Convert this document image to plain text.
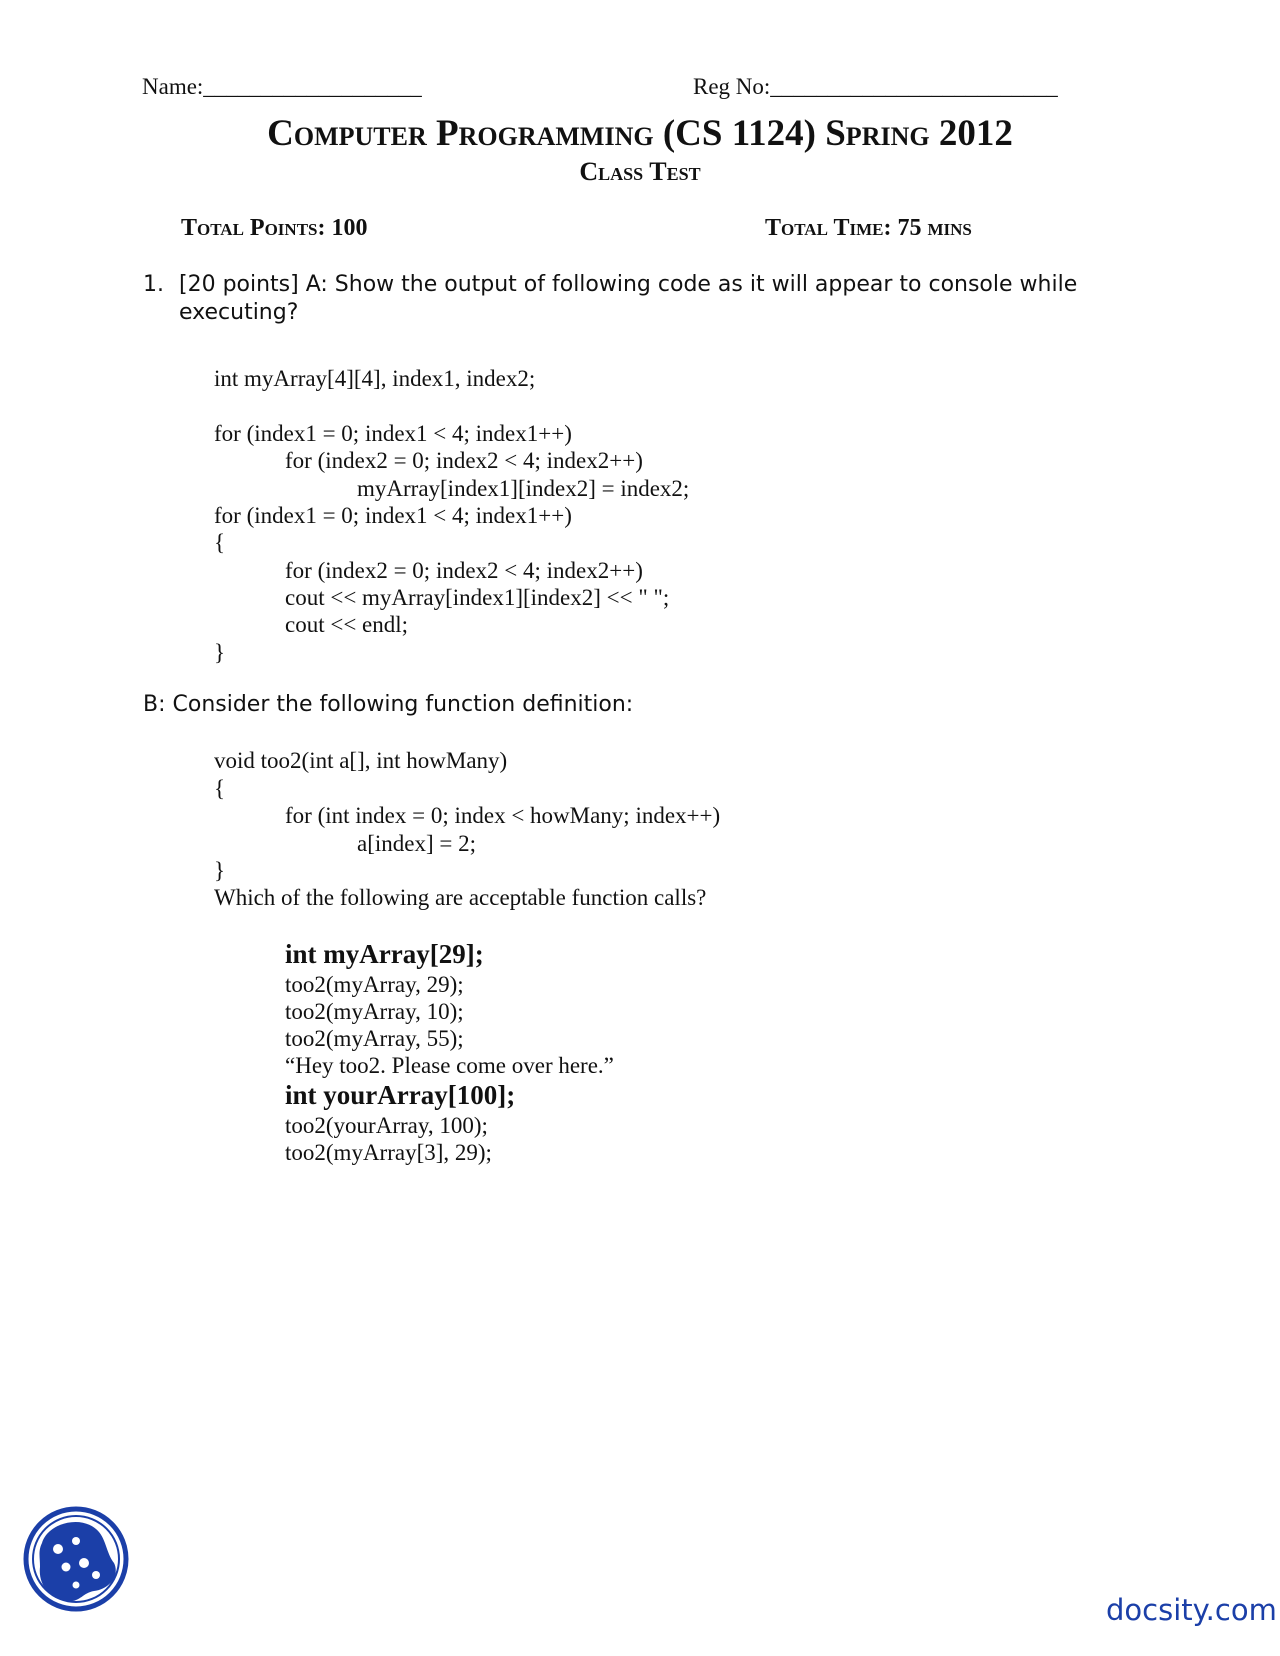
Name:___________________	Reg No:_________________________
Computer Programming (CS 1124) Spring 2012
Class Test
Total Points: 100	Total Time: 75 mins
1. [20 points] A: Show the output of following code as it will appear to console while
executing?
int myArray[4][4], index1, index2;
for (index1 = 0; index1 < 4; index1++)
for (index2 = 0; index2 < 4; index2++)
myArray[index1][index2] = index2;
for (index1 = 0; index1 < 4; index1++)
{
for (index2 = 0; index2 < 4; index2++)
cout << myArray[index1][index2] << " ";
cout << endl;
}
B: Consider the following function definition:
void too2(int a[], int howMany)
{
for (int index = 0; index < howMany; index++)
a[index] = 2;
}
Which of the following are acceptable function calls?
int myArray[29];
too2(myArray, 29);
too2(myArray, 10);
too2(myArray, 55);
“Hey too2. Please come over here.”
int yourArray[100];
too2(yourArray, 100);
too2(myArray[3], 29);
docsity.com
